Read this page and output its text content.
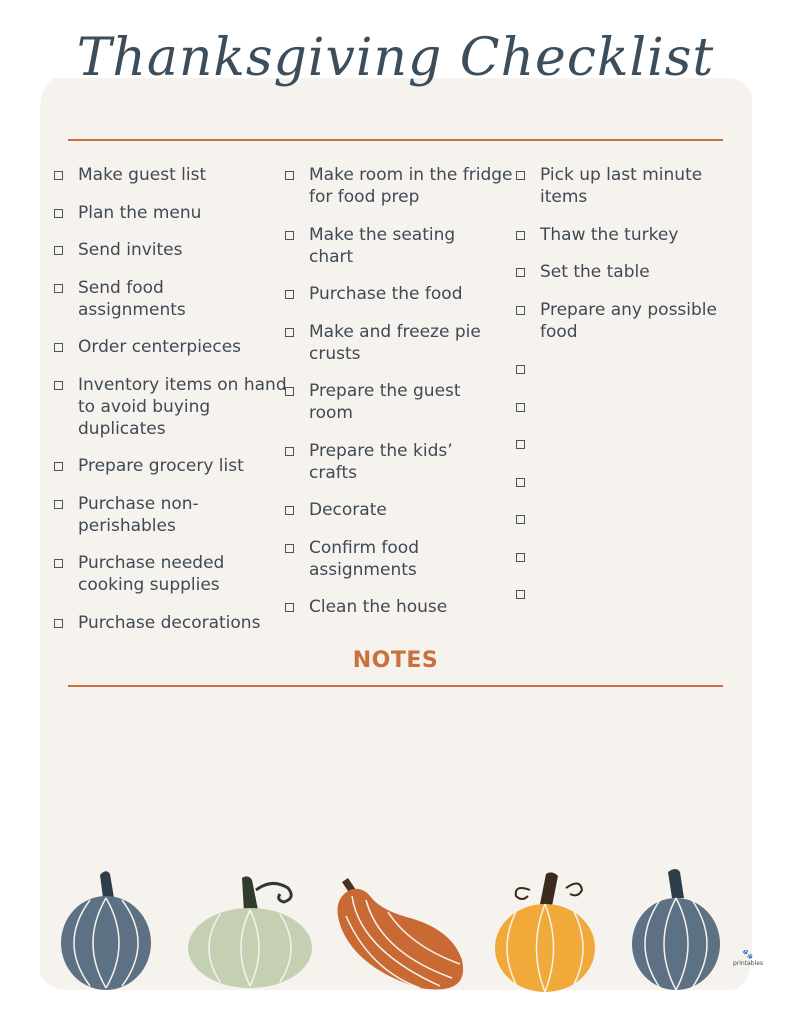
Thanksgiving Checklist
Make guest list
Plan the menu
Send invites
Send food assignments
Order centerpieces
Inventory items on hand to avoid buying duplicates
Prepare grocery list
Purchase non-perishables
Purchase needed cooking supplies
Purchase decorations
Make room in the fridge for food prep
Make the seating chart
Purchase the food
Make and freeze pie crusts
Prepare the guest room
Prepare the kids’ crafts
Decorate
Confirm food assignments
Clean the house
Pick up last minute items
Thaw the turkey
Set the table
Prepare any possible food
NOTES
🐾
printables
